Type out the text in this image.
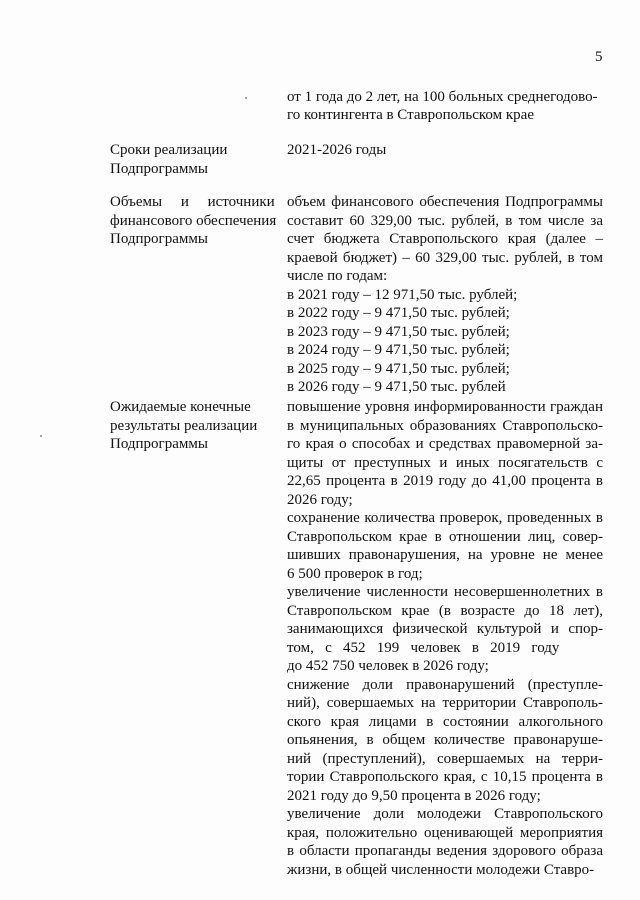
5
от 1 года до 2 лет, на 100 больных среднегодово-
го контингента в Ставропольском крае
Сроки реализации
Подпрограммы
2021-2026 годы
Объемы     и     источники
финансового обеспечения
Подпрограммы
объем финансового обеспечения Подпрограммы
составит 60 329,00 тыс. рублей, в том числе за
счет бюджета Ставропольского края (далее –
краевой бюджет) – 60 329,00 тыс. рублей, в том
числе по годам:
в 2021 году – 12 971,50 тыс. рублей;
в 2022 году – 9 471,50 тыс. рублей;
в 2023 году – 9 471,50 тыс. рублей;
в 2024 году – 9 471,50 тыс. рублей;
в 2025 году – 9 471,50 тыс. рублей;
в 2026 году – 9 471,50 тыс. рублей
Ожидаемые конечные
результаты реализации
Подпрограммы
повышение уровня информированности граждан
в муниципальных образованиях Ставропольско-
го края о способах и средствах правомерной за-
щиты от преступных и иных посягательств с
22,65 процента в 2019 году до 41,00 процента в
2026 году;
сохранение количества проверок, проведенных в
Ставропольском крае в отношении лиц, совер-
шивших правонарушения, на уровне не менее
6 500 проверок в год;
увеличение численности несовершеннолетних в
Ставропольском крае (в возрасте до 18 лет),
занимающихся физической культурой и спор-
том,   с   452   199   человек   в   2019   году
до 452 750 человек в 2026 году;
снижение доли правонарушений (преступле-
ний), совершаемых на территории Ставрополь-
ского края лицами в состоянии алкогольного
опьянения, в общем количестве правонаруше-
ний (преступлений), совершаемых на терри-
тории Ставропольского края, с 10,15 процента в
2021 году до 9,50 процента в 2026 году;
увеличение доли молодежи Ставропольского
края, положительно оценивающей мероприятия
в области пропаганды ведения здорового образа
жизни, в общей численности молодежи Ставро-
